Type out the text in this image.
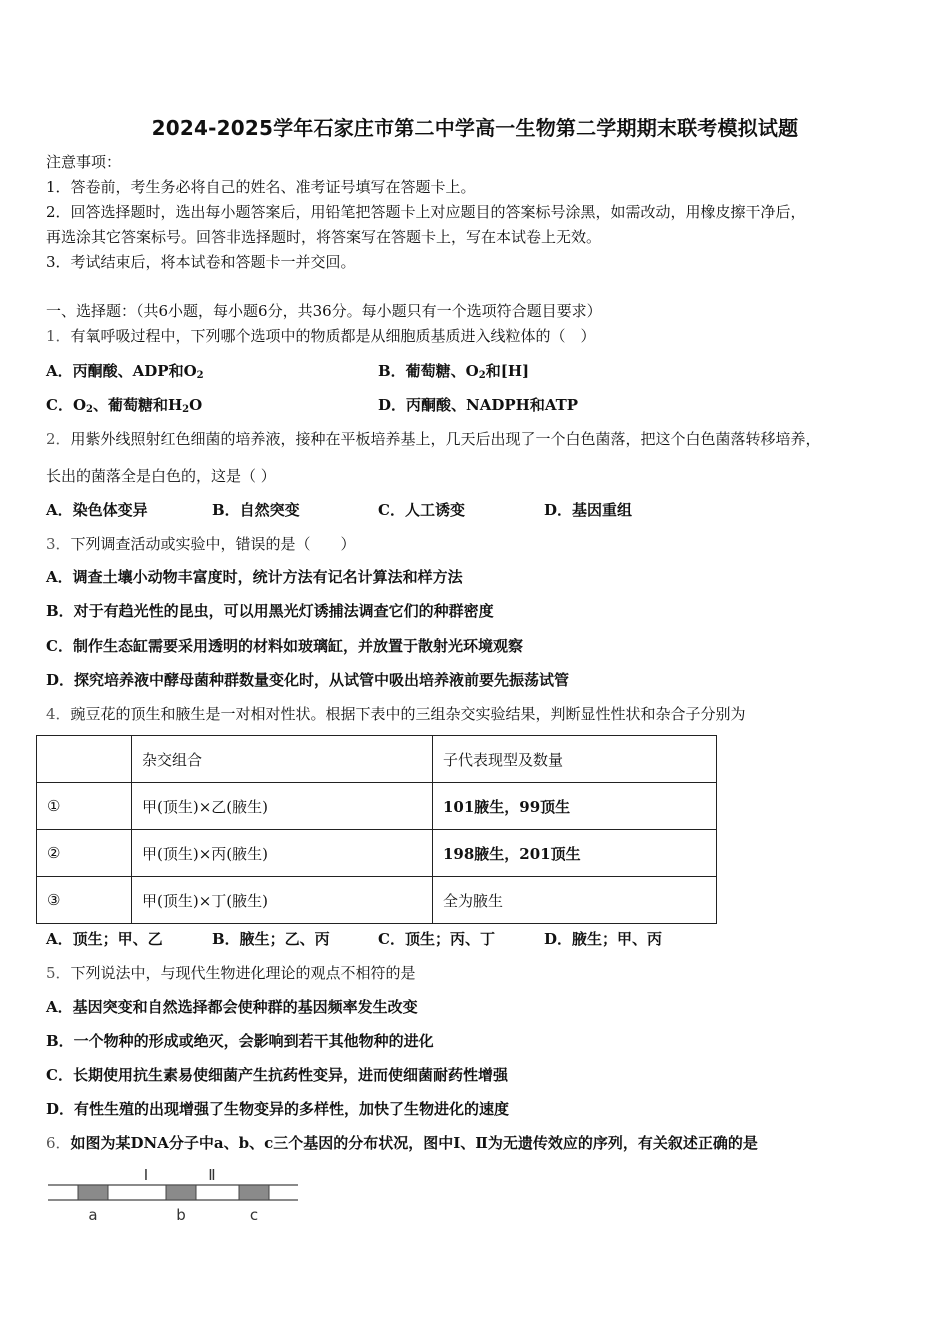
2024-2025学年石家庄市第二中学高一生物第二学期期末联考模拟试题
注意事项：
1．答卷前，考生务必将自己的姓名、准考证号填写在答题卡上。
2．回答选择题时，选出每小题答案后，用铅笔把答题卡上对应题目的答案标号涂黑，如需改动，用橡皮擦干净后，
再选涂其它答案标号。回答非选择题时，将答案写在答题卡上，写在本试卷上无效。
3．考试结束后，将本试卷和答题卡一并交回。
一、选择题：（共6小题，每小题6分，共36分。每小题只有一个选项符合题目要求）
1．有氧呼吸过程中，下列哪个选项中的物质都是从细胞质基质进入线粒体的（　）
A．丙酮酸、ADP和$O_2$	B．葡萄糖、$O_2$和[H]
C．$O_2$、葡萄糖和$H_2O$	D．丙酮酸、NADPH和ATP
2．用紫外线照射红色细菌的培养液，接种在平板培养基上，几天后出现了一个白色菌落，把这个白色菌落转移培养，
长出的菌落全是白色的，这是（ ）
A．染色体变异	B．自然突变	C．人工诱变	D．基因重组
3．下列调查活动或实验中，错误的是（　　）
A．调查土壤小动物丰富度时，统计方法有记名计算法和样方法
B．对于有趋光性的昆虫，可以用黑光灯诱捕法调查它们的种群密度
C．制作生态缸需要采用透明的材料如玻璃缸，并放置于散射光环境观察
D．探究培养液中酵母菌种群数量变化时，从试管中吸出培养液前要先振荡试管
4．豌豆花的顶生和腋生是一对相对性状。根据下表中的三组杂交实验结果，判断显性性状和杂合子分别为
	杂交组合	子代表现型及数量
①	甲(顶生)×乙(腋生)	101腋生，99顶生
②	甲(顶生)×丙(腋生)	198腋生，201顶生
③	甲(顶生)×丁(腋生)	全为腋生
A．顶生；甲、乙	B．腋生；乙、丙	C．顶生；丙、丁	D．腋生；甲、丙
5．下列说法中，与现代生物进化理论的观点不相符的是
A．基因突变和自然选择都会使种群的基因频率发生改变
B．一个物种的形成或绝灭，会影响到若干其他物种的进化
C．长期使用抗生素易使细菌产生抗药性变异，进而使细菌耐药性增强
D．有性生殖的出现增强了生物变异的多样性，加快了生物进化的速度
6．如图为某DNA分子中a、b、c三个基因的分布状况，图中Ⅰ、Ⅱ为无遗传效应的序列，有关叙述正确的是
Ⅰ	Ⅱ
a	b	c
